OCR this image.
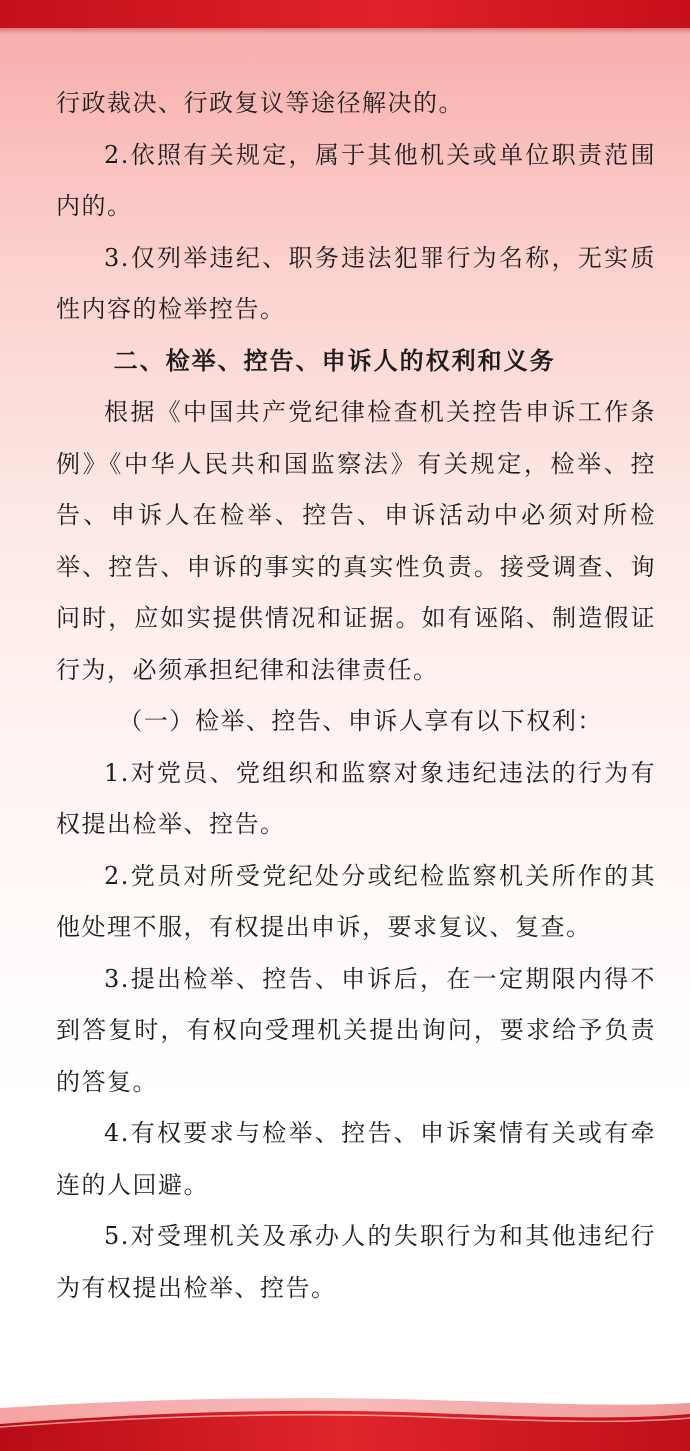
行政裁决、行政复议等途径解决的。

2.依照有关规定，属于其他机关或单位职责范围内的。

3.仅列举违纪、职务违法犯罪行为名称，无实质性内容的检举控告。

二、检举、控告、申诉人的权利和义务

根据《中国共产党纪律检查机关控告申诉工作条例》《中华人民共和国监察法》有关规定，检举、控告、申诉人在检举、控告、申诉活动中必须对所检举、控告、申诉的事实的真实性负责。接受调查、询问时，应如实提供情况和证据。如有诬陷、制造假证行为，必须承担纪律和法律责任。

（一）检举、控告、申诉人享有以下权利：

1.对党员、党组织和监察对象违纪违法的行为有权提出检举、控告。

2.党员对所受党纪处分或纪检监察机关所作的其他处理不服，有权提出申诉，要求复议、复查。

3.提出检举、控告、申诉后，在一定期限内得不到答复时，有权向受理机关提出询问，要求给予负责的答复。

4.有权要求与检举、控告、申诉案情有关或有牵连的人回避。

5.对受理机关及承办人的失职行为和其他违纪行为有权提出检举、控告。
